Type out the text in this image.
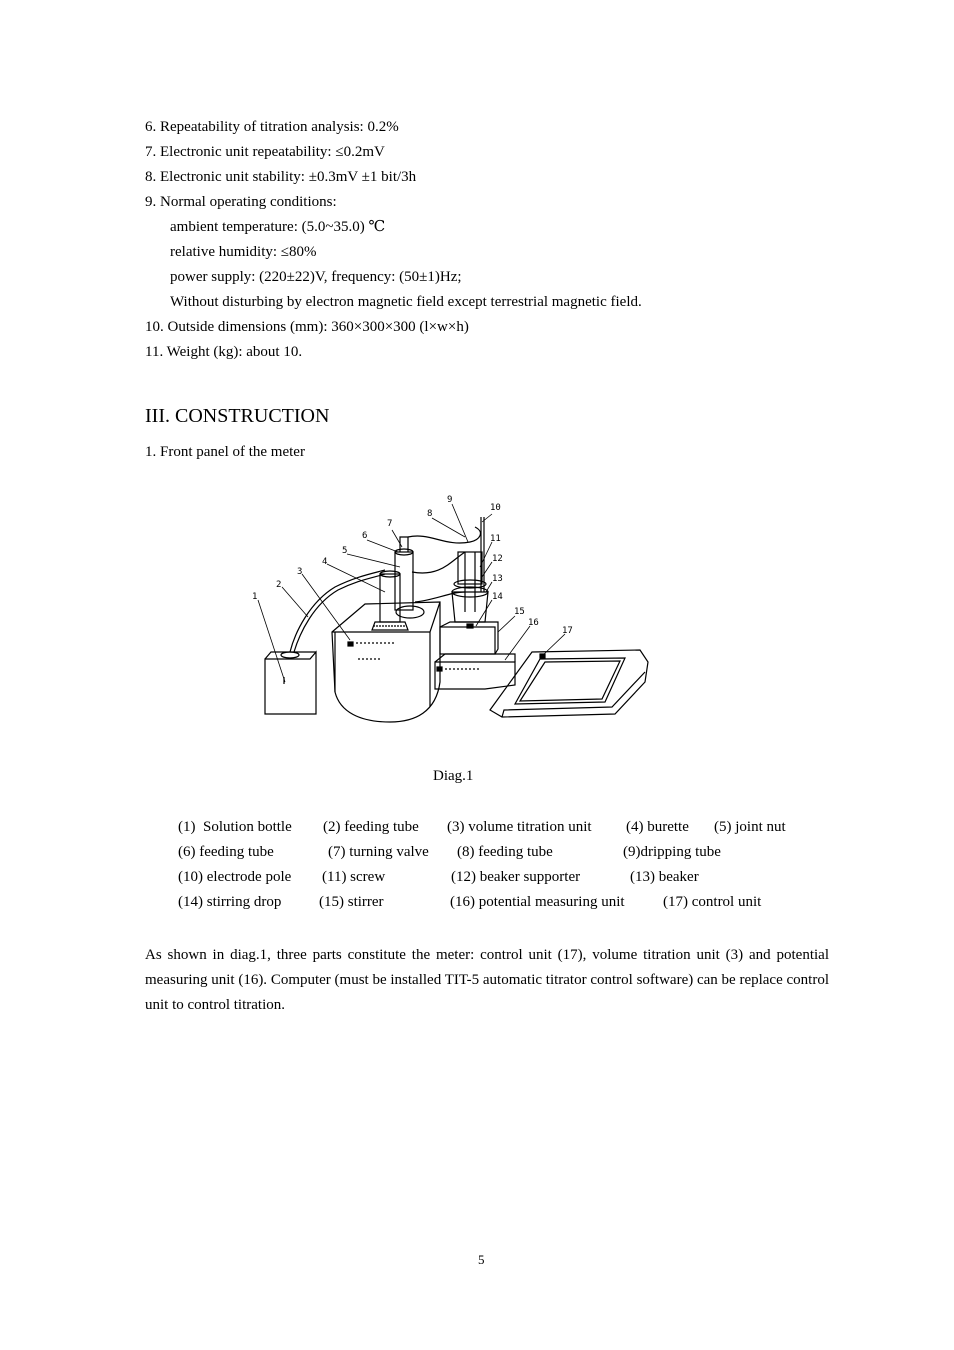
6. Repeatability of titration analysis: 0.2%
7. Electronic unit repeatability: ≤0.2mV
8. Electronic unit stability: ±0.3mV ±1 bit/3h
9. Normal operating conditions:
ambient temperature: (5.0~35.0) ℃
relative humidity: ≤80%
power supply: (220±22)V, frequency: (50±1)Hz;
Without disturbing by electron magnetic field except terrestrial magnetic field.
10. Outside dimensions (mm): 360×300×300 (l×w×h)
11. Weight (kg): about 10.
III. CONSTRUCTION
1. Front panel of the meter
1
2
3
4
5
6
7
8
9
10
11
12
13
14
15
16
17
Diag.1
(1)  Solution bottle (2) feeding tube (3) volume titration unit (4) burette (5) joint nut
(6) feeding tube	(7) turning valve (8) feeding tube	(9)dripping tube
(10) electrode pole (11) screw	(12) beaker supporter	(13) beaker
(14) stirring drop	(15) stirrer	(16) potential measuring unit	(17) control unit
As shown in diag.1, three parts constitute the meter: control unit (17), volume titration unit (3) and potential measuring unit (16). Computer (must be installed TIT-5 automatic titrator control software) can be replace control unit to control titration.
5
